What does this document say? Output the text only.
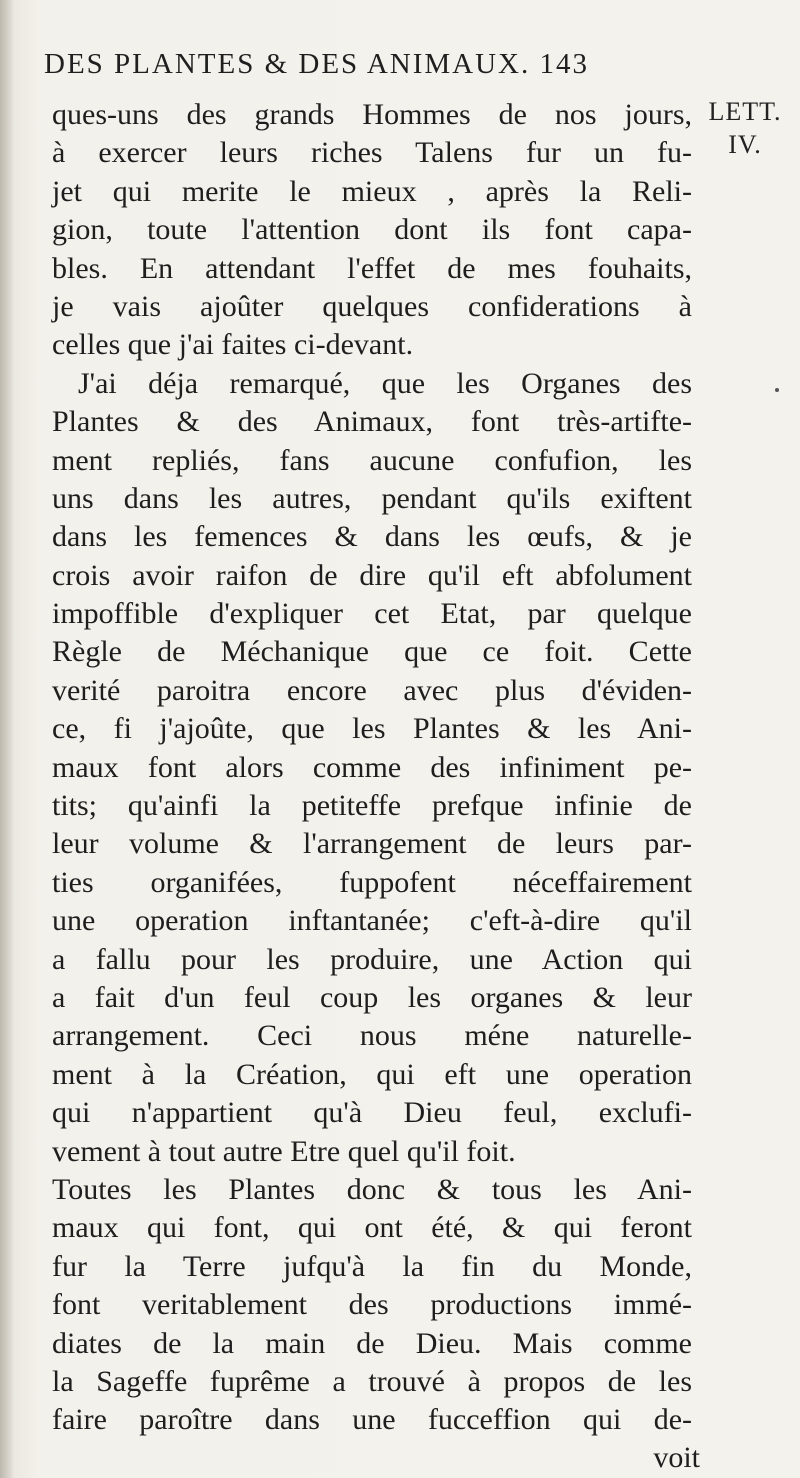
DES PLANTES & DES ANIMAUX. 143
LETT.
IV.
ques-uns des grands Hommes de nos jours,
à exercer leurs riches Talens fur un fu-
jet qui merite le mieux , après la Reli-
gion, toute l'attention dont ils font capa-
bles. En attendant l'effet de mes fouhaits,
je vais ajoûter quelques confiderations à
celles que j'ai faites ci-devant.
J'ai déja remarqué, que les Organes des
Plantes & des Animaux, font très-artifte-
ment repliés, fans aucune confufion, les
uns dans les autres, pendant qu'ils exiftent
dans les femences & dans les œufs, & je
crois avoir raifon de dire qu'il eft abfolument
impoffible d'expliquer cet Etat, par quelque
Règle de Méchanique que ce foit. Cette
verité paroitra encore avec plus d'éviden-
ce, fi j'ajoûte, que les Plantes & les Ani-
maux font alors comme des infiniment pe-
tits; qu'ainfi la petiteffe prefque infinie de
leur volume & l'arrangement de leurs par-
ties organifées, fuppofent néceffairement
une operation inftantanée; c'eft-à-dire qu'il
a fallu pour les produire, une Action qui
a fait d'un feul coup les organes & leur
arrangement. Ceci nous méne naturelle-
ment à la Création, qui eft une operation
qui n'appartient qu'à Dieu feul, exclufi-
vement à tout autre Etre quel qu'il foit.
Toutes les Plantes donc & tous les Ani-
maux qui font, qui ont été, & qui feront
fur la Terre jufqu'à la fin du Monde,
font veritablement des productions immé-
diates de la main de Dieu. Mais comme
la Sageffe fuprême a trouvé à propos de les
faire paroître dans une fucceffion qui de-
voit
